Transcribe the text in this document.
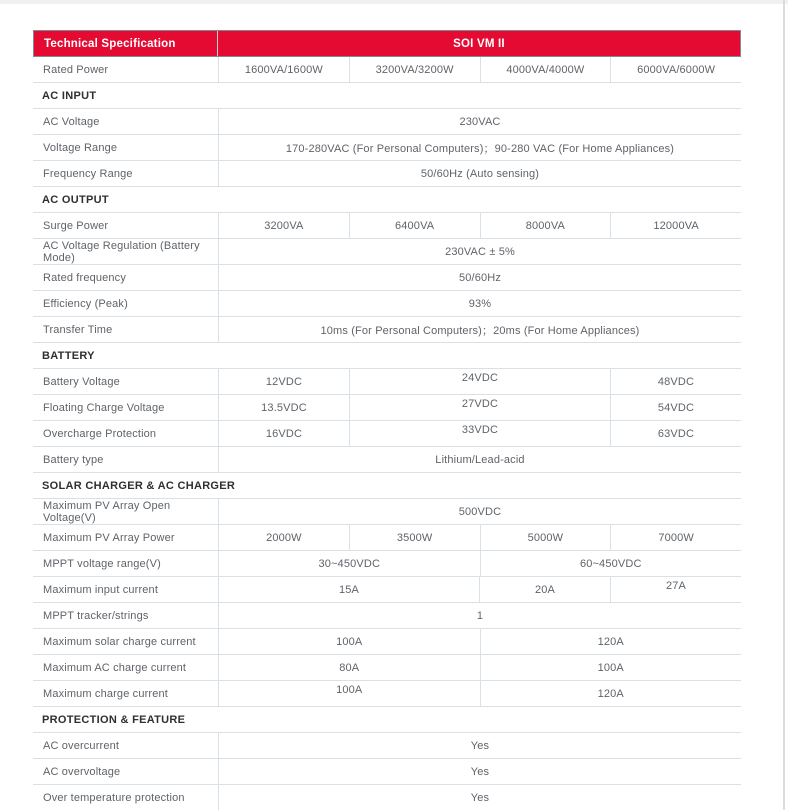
Technical Specification	SOI VM II
Rated Power	1600VA/1600W	3200VA/3200W	4000VA/4000W	6000VA/6000W
AC INPUT
AC Voltage	230VAC
Voltage Range	170-280VAC (For Personal Computers)；90-280 VAC (For Home Appliances)
Frequency Range	50/60Hz (Auto sensing)
AC OUTPUT
Surge Power	3200VA	6400VA	8000VA	12000VA
AC Voltage Regulation (Battery Mode)	230VAC ± 5%
Rated frequency	50/60Hz
Efficiency (Peak)	93%
Transfer Time	10ms (For Personal Computers)；20ms (For Home Appliances)
BATTERY
Battery Voltage	12VDC	24VDC	48VDC
Floating Charge Voltage	13.5VDC	27VDC	54VDC
Overcharge Protection	16VDC	33VDC	63VDC
Battery type	Lithium/Lead-acid
SOLAR CHARGER & AC CHARGER
Maximum PV Array Open Voltage(V)	500VDC
Maximum PV Array Power	2000W	3500W	5000W	7000W
MPPT voltage range(V)	30~450VDC	60~450VDC
Maximum input current	15A	20A	27A
MPPT tracker/strings	1
Maximum solar charge current	100A	120A
Maximum AC charge current	80A	100A
Maximum charge current	100A	120A
PROTECTION & FEATURE
AC overcurrent	Yes
AC overvoltage	Yes
Over temperature protection	Yes
